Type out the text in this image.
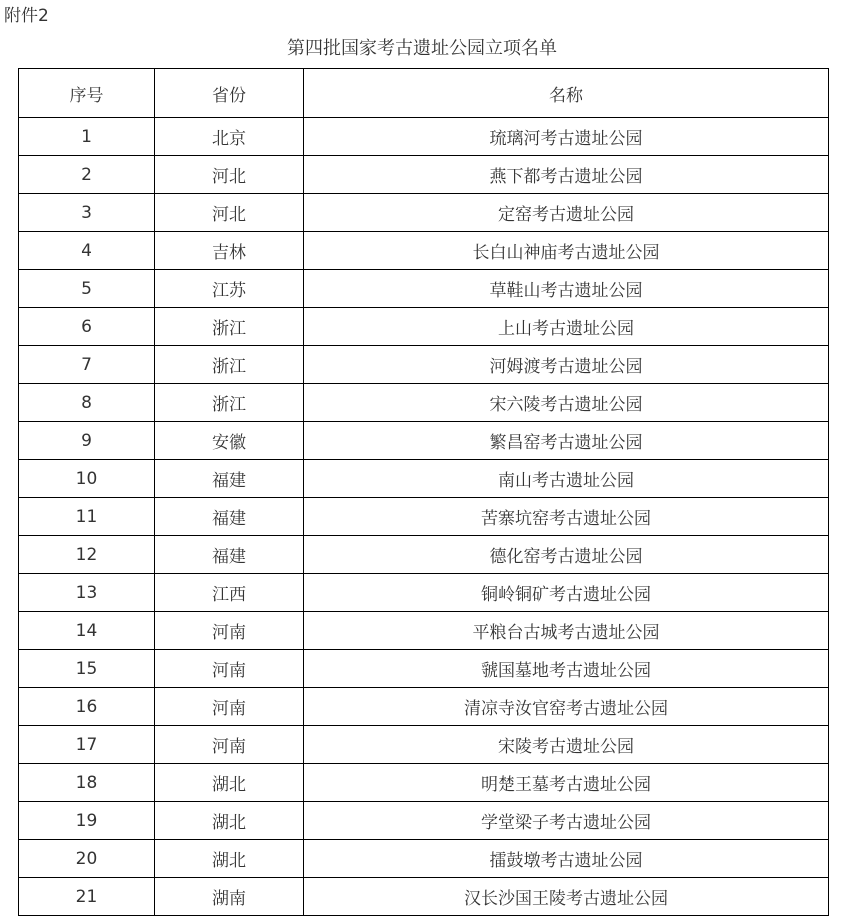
附件2
第四批国家考古遗址公园立项名单
序号	省份	名称
1	北京	琉璃河考古遗址公园
2	河北	燕下都考古遗址公园
3	河北	定窑考古遗址公园
4	吉林	长白山神庙考古遗址公园
5	江苏	草鞋山考古遗址公园
6	浙江	上山考古遗址公园
7	浙江	河姆渡考古遗址公园
8	浙江	宋六陵考古遗址公园
9	安徽	繁昌窑考古遗址公园
10	福建	南山考古遗址公园
11	福建	苦寨坑窑考古遗址公园
12	福建	德化窑考古遗址公园
13	江西	铜岭铜矿考古遗址公园
14	河南	平粮台古城考古遗址公园
15	河南	虢国墓地考古遗址公园
16	河南	清凉寺汝官窑考古遗址公园
17	河南	宋陵考古遗址公园
18	湖北	明楚王墓考古遗址公园
19	湖北	学堂梁子考古遗址公园
20	湖北	擂鼓墩考古遗址公园
21	湖南	汉长沙国王陵考古遗址公园
